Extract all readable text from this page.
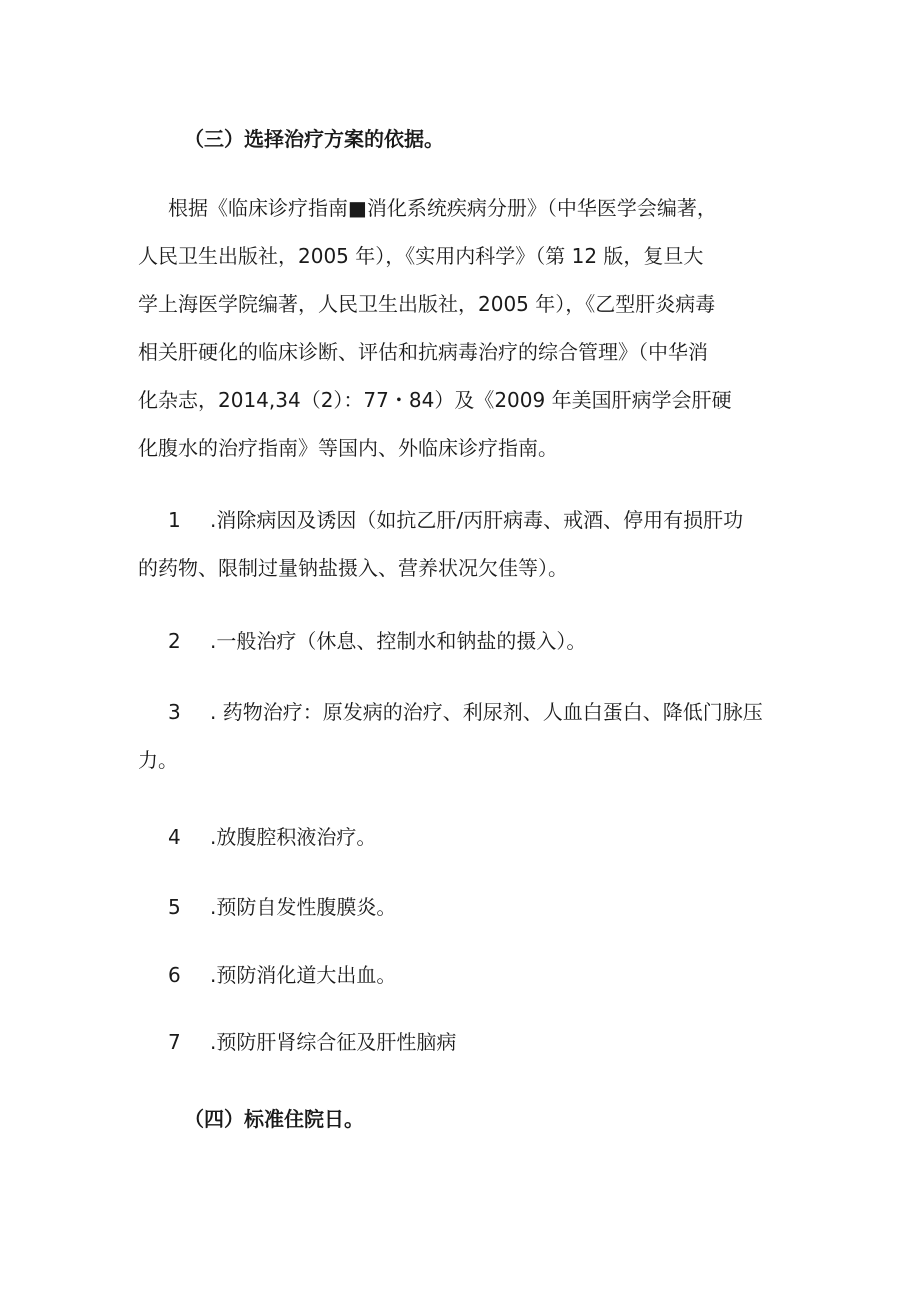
（三）选择治疗方案的依据。
根据《临床诊疗指南■消化系统疾病分册》（中华医学会编著，
人民卫生出版社，2005 年），《实用内科学》（第 12 版，复旦大
学上海医学院编著，人民卫生出版社，2005 年），《乙型肝炎病毒
相关肝硬化的临床诊断、评估和抗病毒治疗的综合管理》（中华消
化杂志，2014,34（2）：77・84）及《2009 年美国肝病学会肝硬
化腹水的治疗指南》等国内、外临床诊疗指南。
1	.消除病因及诱因（如抗乙肝/丙肝病毒、戒酒、停用有损肝功
的药物、限制过量钠盐摄入、营养状况欠佳等）。
2	.一般治疗（休息、控制水和钠盐的摄入）。
3	. 药物治疗：原发病的治疗、利尿剂、人血白蛋白、降低门脉压
力。
4	.放腹腔积液治疗。
5	.预防自发性腹膜炎。
6	.预防消化道大出血。
7	.预防肝肾综合征及肝性脑病
（四）标准住院日。
